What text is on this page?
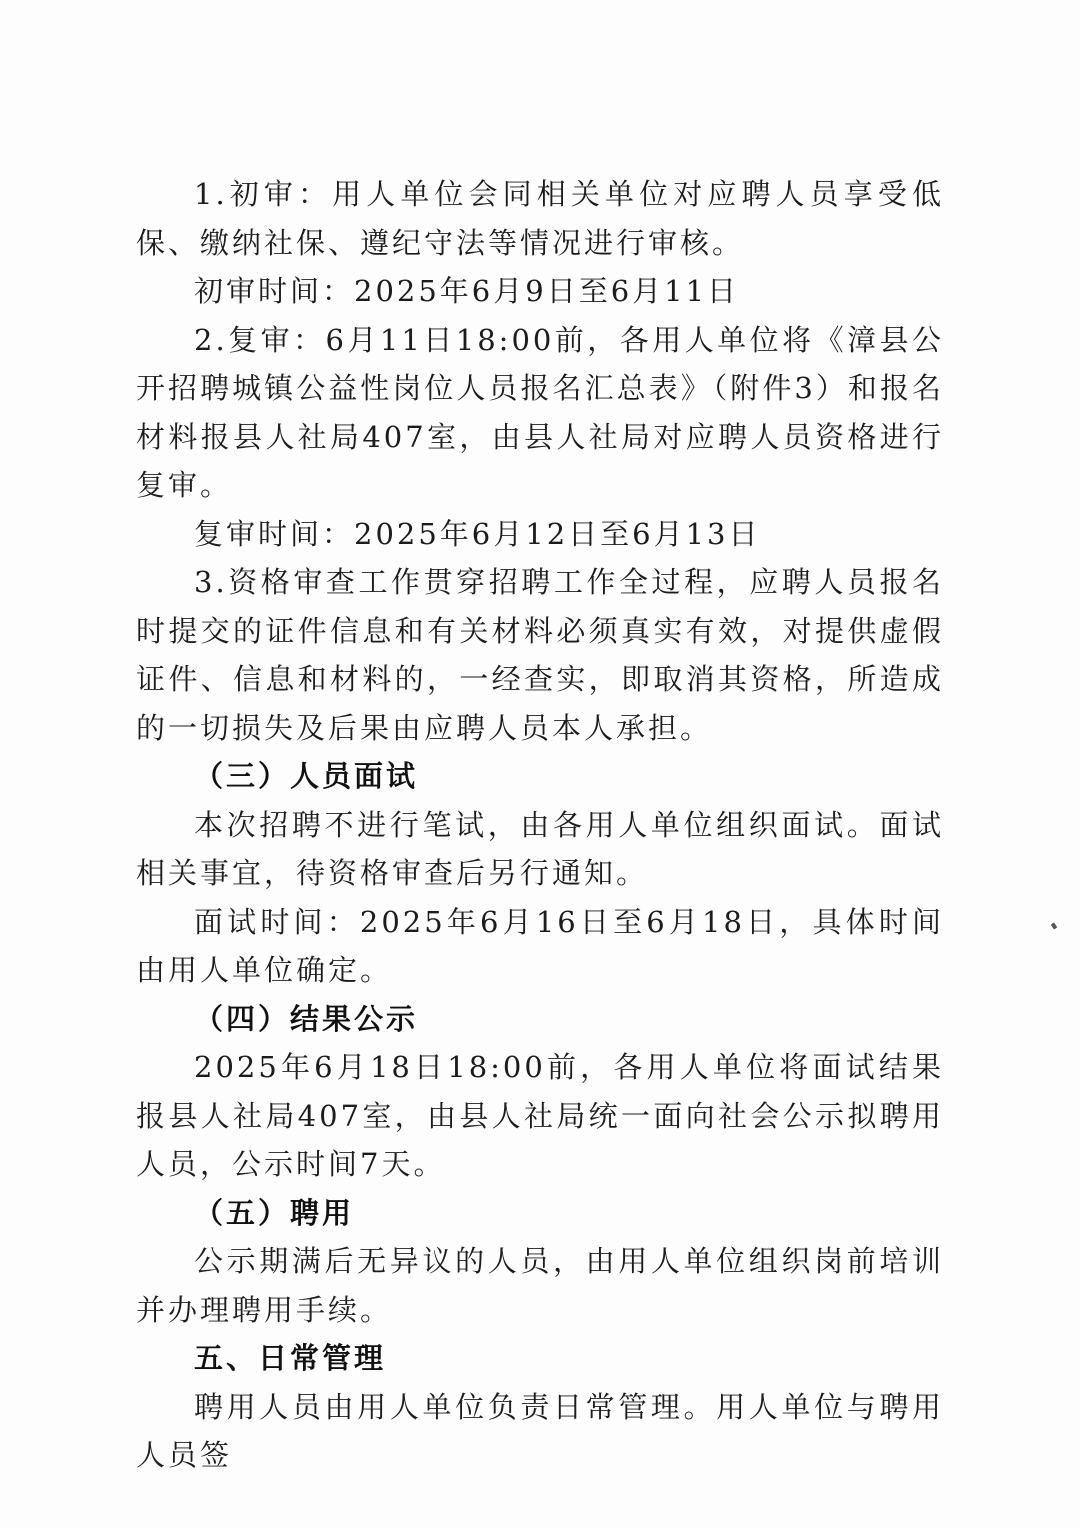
1.初审：用人单位会同相关单位对应聘人员享受低保、缴纳社保、遵纪守法等情况进行审核。

初审时间：2025年6月9日至6月11日

2.复审：6月11日18:00前，各用人单位将《漳县公开招聘城镇公益性岗位人员报名汇总表》（附件3）和报名材料报县人社局407室，由县人社局对应聘人员资格进行复审。

复审时间：2025年6月12日至6月13日

3.资格审查工作贯穿招聘工作全过程，应聘人员报名时提交的证件信息和有关材料必须真实有效，对提供虚假证件、信息和材料的，一经查实，即取消其资格，所造成的一切损失及后果由应聘人员本人承担。

（三）人员面试

本次招聘不进行笔试，由各用人单位组织面试。面试相关事宜，待资格审查后另行通知。

面试时间：2025年6月16日至6月18日，具体时间由用人单位确定。

（四）结果公示

2025年6月18日18:00前，各用人单位将面试结果报县人社局407室，由县人社局统一面向社会公示拟聘用人员，公示时间7天。

（五）聘用

公示期满后无异议的人员，由用人单位组织岗前培训并办理聘用手续。

五、日常管理

聘用人员由用人单位负责日常管理。用人单位与聘用人员签
